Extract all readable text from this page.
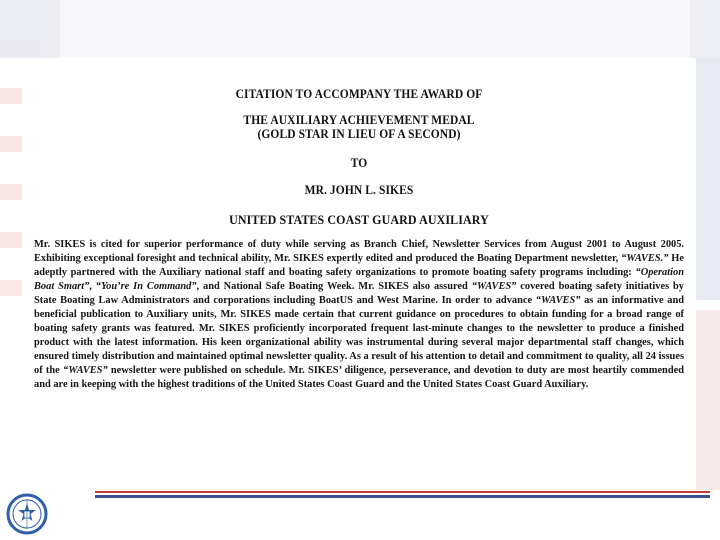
CITATION TO ACCOMPANY THE AWARD OF

THE AUXILIARY ACHIEVEMENT MEDAL

(GOLD STAR IN LIEU OF A SECOND)

TO

MR. JOHN L. SIKES

UNITED STATES COAST GUARD AUXILIARY

Mr. SIKES is cited for superior performance of duty while serving as Branch Chief, Newsletter Services from August 2001 to August 2005. Exhibiting exceptional foresight and technical ability, Mr. SIKES expertly edited and produced the Boating Department newsletter, “WAVES.” He adeptly partnered with the Auxiliary national staff and boating safety organizations to promote boating safety programs including: “Operation Boat Smart”, “You’re In Command”, and National Safe Boating Week. Mr. SIKES also assured “WAVES” covered boating safety initiatives by State Boating Law Administrators and corporations including BoatUS and West Marine. In order to advance “WAVES” as an informative and beneficial publication to Auxiliary units, Mr. SIKES made certain that current guidance on procedures to obtain funding for a broad range of boating safety grants was featured. Mr. SIKES proficiently incorporated frequent last-minute changes to the newsletter to produce a finished product with the latest information. His keen organizational ability was instrumental during several major departmental staff changes, which ensured timely distribution and maintained optimal newsletter quality. As a result of his attention to detail and commitment to quality, all 24 issues of the “WAVES” newsletter were published on schedule. Mr. SIKES’ diligence, perseverance, and devotion to duty are most heartily commended and are in keeping with the highest traditions of the United States Coast Guard and the United States Coast Guard Auxiliary.
